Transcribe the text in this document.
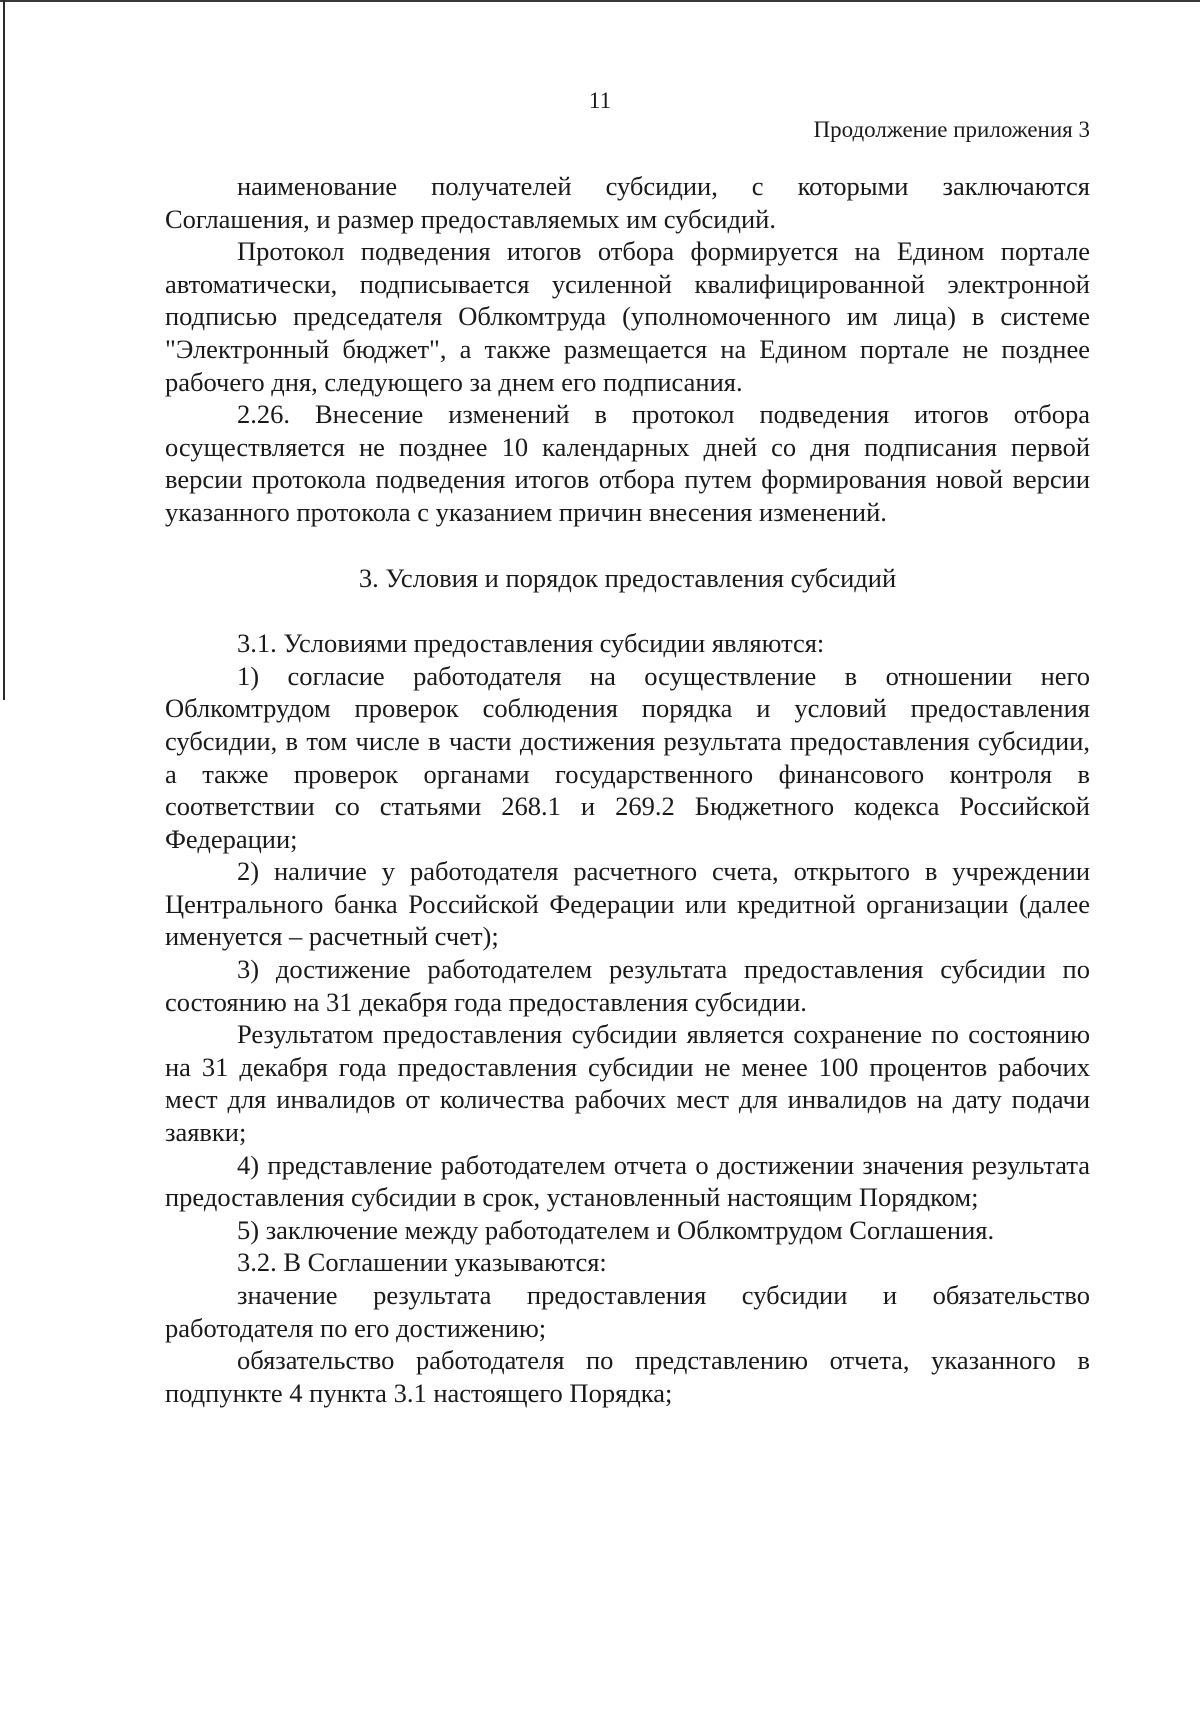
11
Продолжение приложения 3

наименование получателей субсидии, с которыми заключаются Соглашения, и размер предоставляемых им субсидий.

Протокол подведения итогов отбора формируется на Едином портале автоматически, подписывается усиленной квалифицированной электронной подписью председателя Облкомтруда (уполномоченного им лица) в системе "Электронный бюджет", а также размещается на Едином портале не позднее рабочего дня, следующего за днем его подписания.

2.26. Внесение изменений в протокол подведения итогов отбора осуществляется не позднее 10 календарных дней со дня подписания первой версии протокола подведения итогов отбора путем формирования новой версии указанного протокола с указанием причин внесения изменений.

3. Условия и порядок предоставления субсидий

3.1. Условиями предоставления субсидии являются:

1) согласие работодателя на осуществление в отношении него Облкомтрудом проверок соблюдения порядка и условий предоставления субсидии, в том числе в части достижения результата предоставления субсидии, а также проверок органами государственного финансового контроля в соответствии со статьями 268.1 и 269.2 Бюджетного кодекса Российской Федерации;

2) наличие у работодателя расчетного счета, открытого в учреждении Центрального банка Российской Федерации или кредитной организации (далее именуется – расчетный счет);

3) достижение работодателем результата предоставления субсидии по состоянию на 31 декабря года предоставления субсидии.

Результатом предоставления субсидии является сохранение по состоянию на 31 декабря года предоставления субсидии не менее 100 процентов рабочих мест для инвалидов от количества рабочих мест для инвалидов на дату подачи заявки;

4) представление работодателем отчета о достижении значения результата предоставления субсидии в срок, установленный настоящим Порядком;

5) заключение между работодателем и Облкомтрудом Соглашения.

3.2. В Соглашении указываются:

значение результата предоставления субсидии и обязательство работодателя по его достижению;

обязательство работодателя по представлению отчета, указанного в подпункте 4 пункта 3.1 настоящего Порядка;
